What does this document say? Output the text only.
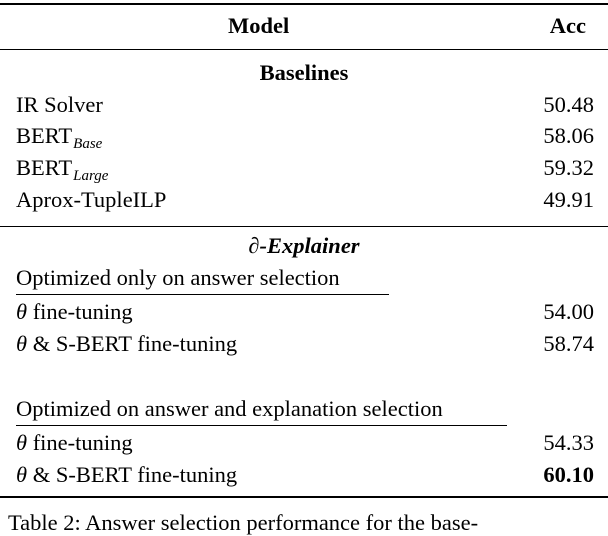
Model	Acc
Baselines
IR Solver	50.48
$BERT_{Base}$	58.06
$BERT_{Large}$	59.32
Aprox-TupleILP	49.91
∂-Explainer
Optimized only on answer selection
θ fine-tuning	54.00
θ & S-BERT fine-tuning	58.74
Optimized on answer and explanation selection
θ fine-tuning	54.33
θ & S-BERT fine-tuning	60.10
Table 2: Answer selection performance for the base-
